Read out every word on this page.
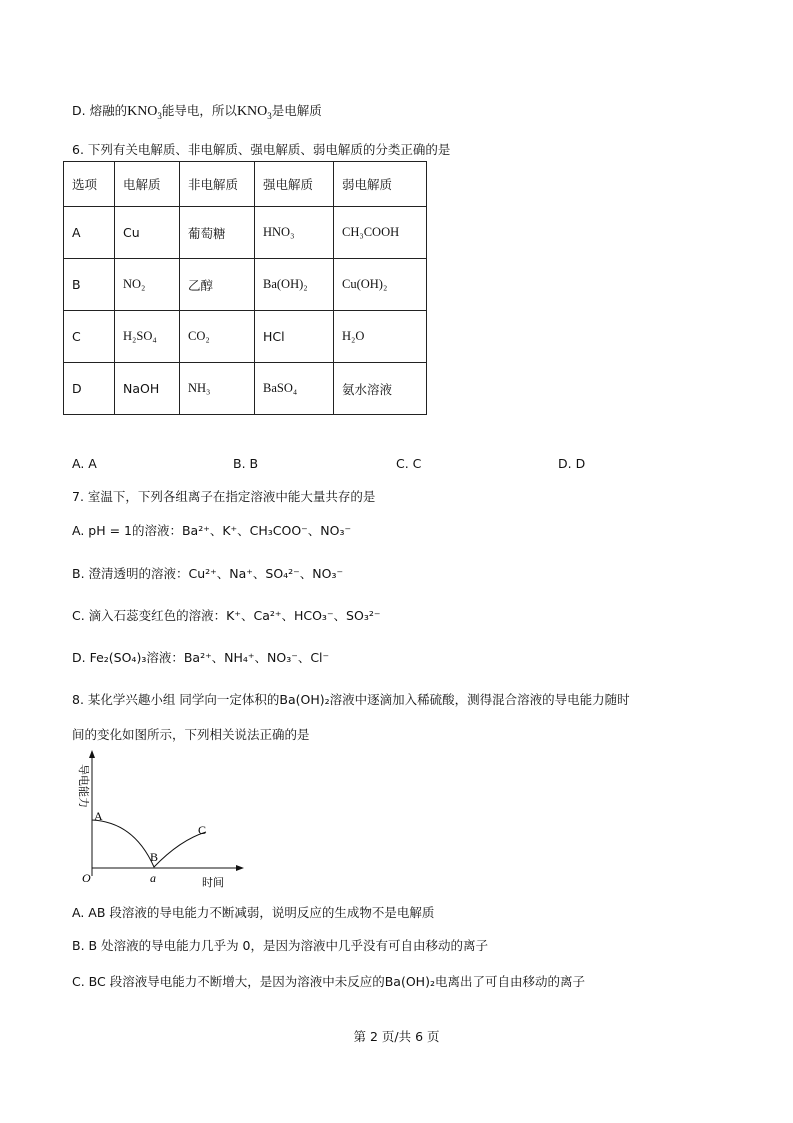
D. 熔融的$KNO_3$能导电，所以$KNO_3$是电解质
6. 下列有关电解质、非电解质、强电解质、弱电解质的分类正确的是
选项	电解质	非电解质	强电解质	弱电解质
A	Cu	葡萄糖	HNO₃	CH₃COOH
B	NO₂	乙醇	Ba(OH)₂	Cu(OH)₂
C	H₂SO₄	CO₂	HCl	H₂O
D	NaOH	NH₃	BaSO₄	氨水溶液
A. A	B. B	C. C	D. D
7. 室温下，下列各组离子在指定溶液中能大量共存的是
A. pH = 1的溶液：Ba²⁺、K⁺、CH₃COO⁻、NO₃⁻
B. 澄清透明的溶液：Cu²⁺、Na⁺、SO₄²⁻、NO₃⁻
C. 滴入石蕊变红色的溶液：K⁺、Ca²⁺、HCO₃⁻、SO₃²⁻
D. Fe₂(SO₄)₃溶液：Ba²⁺、NH₄⁺、NO₃⁻、Cl⁻
8. 某化学兴趣小组 同学向一定体积的Ba(OH)₂溶液中逐滴加入稀硫酸，测得混合溶液的导电能力随时
间的变化如图所示，下列相关说法正确的是
导电能力
A
B
C
O	a	时间
A. AB 段溶液的导电能力不断减弱，说明反应的生成物不是电解质
B. B 处溶液的导电能力几乎为 0，是因为溶液中几乎没有可自由移动的离子
C. BC 段溶液导电能力不断增大，是因为溶液中未反应的Ba(OH)₂电离出了可自由移动的离子
第 2 页/共 6 页
